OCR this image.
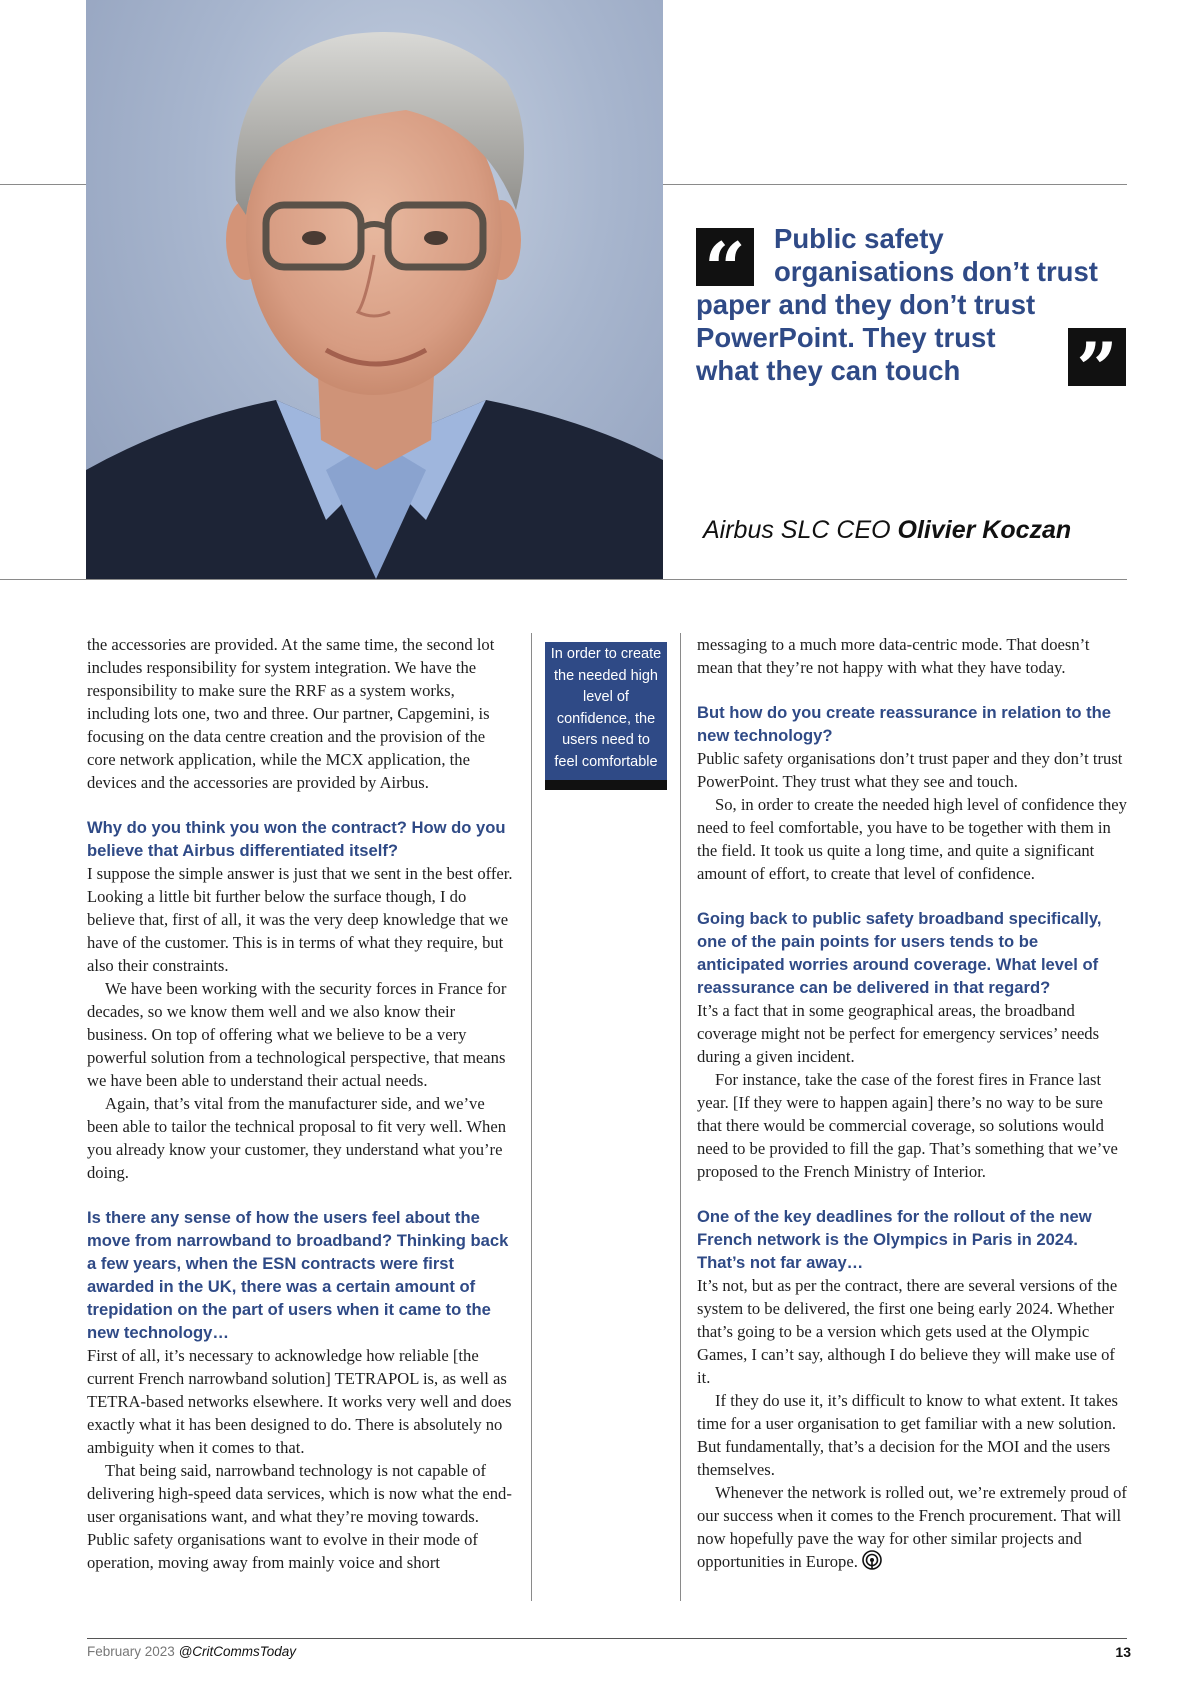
“	Public safety
organisations don’t trust
paper and they don’t trust PowerPoint. They trust what they can touch	”
Airbus SLC CEO Olivier Koczan

the accessories are provided. At the same time, the second lot includes responsibility for system integration. We have the responsibility to make sure the RRF as a system works, including lots one, two and three. Our partner, Capgemini, is focusing on the data centre creation and the provision of the core network application, while the MCX application, the devices and the accessories are provided by Airbus.

Why do you think you won the contract? How do you believe that Airbus differentiated itself?

I suppose the simple answer is just that we sent in the best offer. Looking a little bit further below the surface though, I do believe that, first of all, it was the very deep knowledge that we have of the customer. This is in terms of what they require, but also their constraints.

We have been working with the security forces in France for decades, so we know them well and we also know their business. On top of offering what we believe to be a very powerful solution from a technological perspective, that means we have been able to understand their actual needs.

Again, that’s vital from the manufacturer side, and we’ve been able to tailor the technical proposal to fit very well. When you already know your customer, they understand what you’re doing.

Is there any sense of how the users feel about the move from narrowband to broadband? Thinking back a few years, when the ESN contracts were first awarded in the UK, there was a certain amount of trepidation on the part of users when it came to the new technology…

First of all, it’s necessary to acknowledge how reliable [the current French narrowband solution] TETRAPOL is, as well as TETRA-based networks elsewhere. It works very well and does exactly what it has been designed to do. There is absolutely no ambiguity when it comes to that.

That being said, narrowband technology is not capable of delivering high-speed data services, which is now what the end-user organisations want, and what they’re moving towards. Public safety organisations want to evolve in their mode of operation, moving away from mainly voice and short

In order to create the needed high level of confidence, the users need to feel comfortable

messaging to a much more data-centric mode. That doesn’t mean that they’re not happy with what they have today.

But how do you create reassurance in relation to the new technology?

Public safety organisations don’t trust paper and they don’t trust PowerPoint. They trust what they see and touch.

So, in order to create the needed high level of confidence they need to feel comfortable, you have to be together with them in the field. It took us quite a long time, and quite a significant amount of effort, to create that level of confidence.

Going back to public safety broadband specifically, one of the pain points for users tends to be anticipated worries around coverage. What level of reassurance can be delivered in that regard?

It’s a fact that in some geographical areas, the broadband coverage might not be perfect for emergency services’ needs during a given incident.

For instance, take the case of the forest fires in France last year. [If they were to happen again] there’s no way to be sure that there would be commercial coverage, so solutions would need to be provided to fill the gap. That’s something that we’ve proposed to the French Ministry of Interior.

One of the key deadlines for the rollout of the new French network is the Olympics in Paris in 2024. That’s not far away…

It’s not, but as per the contract, there are several versions of the system to be delivered, the first one being early 2024. Whether that’s going to be a version which gets used at the Olympic Games, I can’t say, although I do believe they will make use of it.

If they do use it, it’s difficult to know to what extent. It takes time for a user organisation to get familiar with a new solution. But fundamentally, that’s a decision for the MOI and the users themselves.

Whenever the network is rolled out, we’re extremely proud of our success when it comes to the French procurement. That will now hopefully pave the way for other similar projects and opportunities in Europe.

February 2023 @CritCommsToday	13
